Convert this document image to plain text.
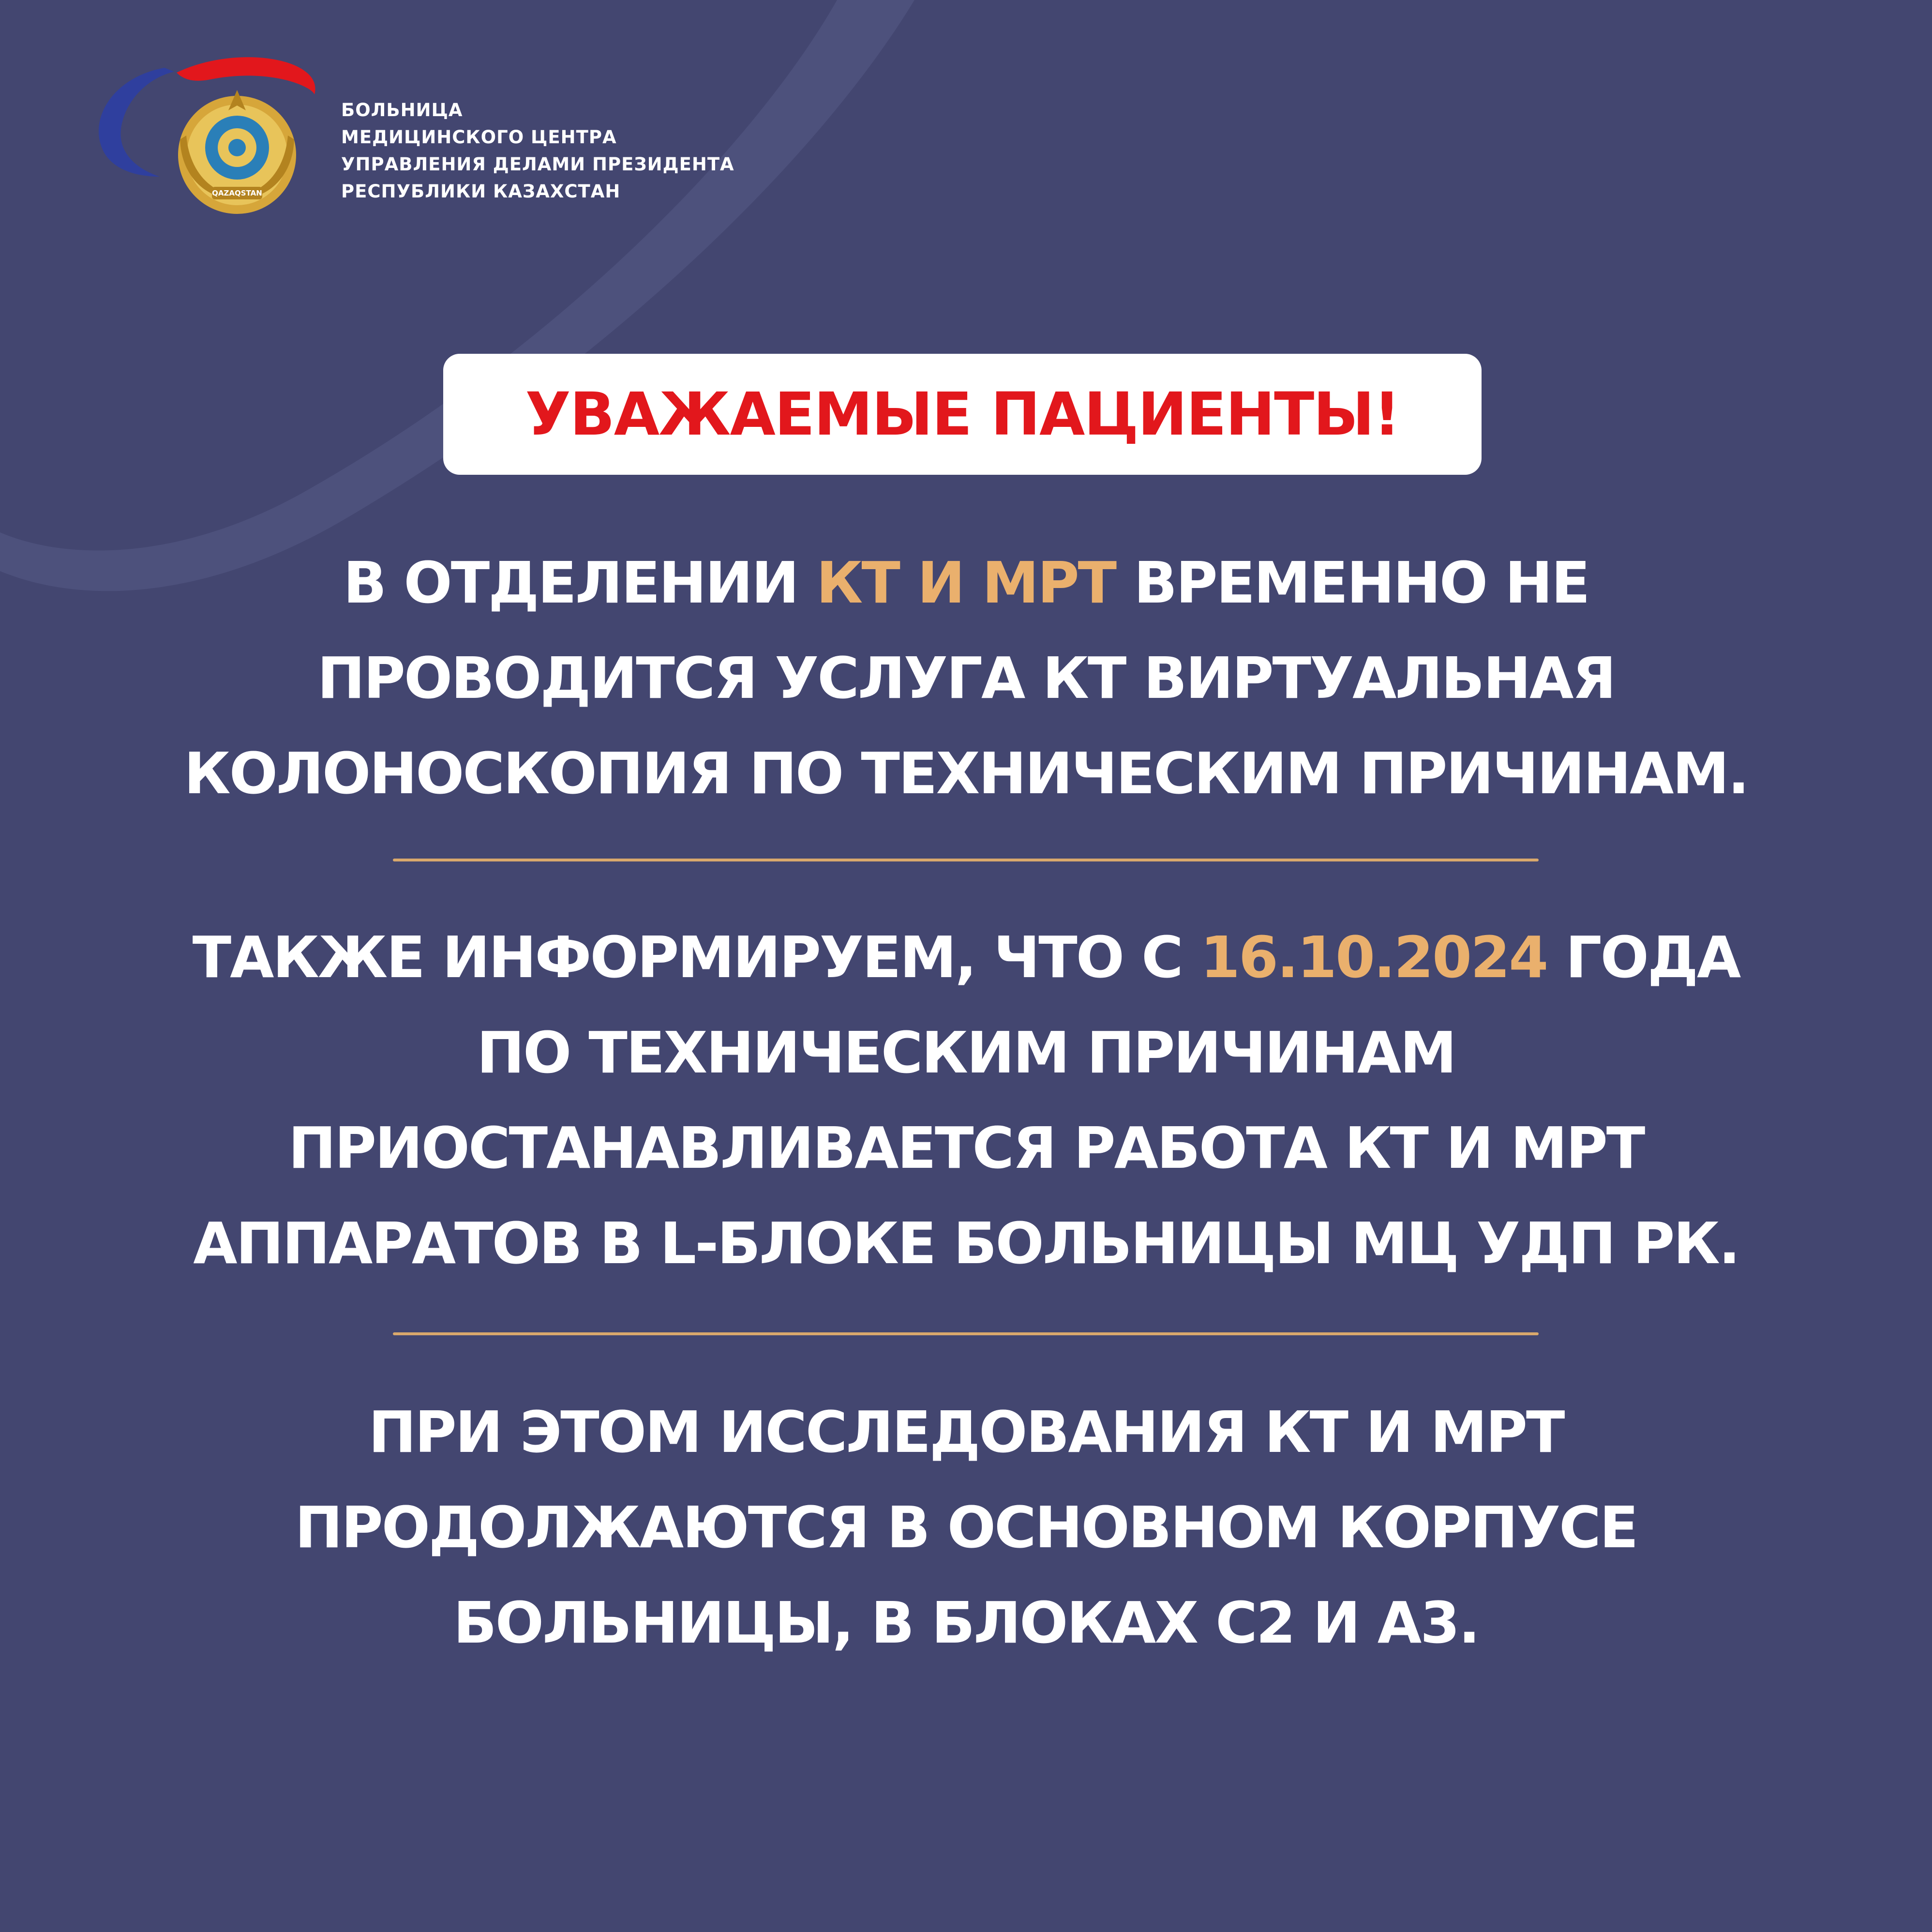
QAZAQSTAN
БОЛЬНИЦА
МЕДИЦИНСКОГО ЦЕНТРА
УПРАВЛЕНИЯ ДЕЛАМИ ПРЕЗИДЕНТА
РЕСПУБЛИКИ КАЗАХСТАН
УВАЖАЕМЫЕ ПАЦИЕНТЫ!
В ОТДЕЛЕНИИ КТ И МРТ ВРЕМЕННО НЕ
ПРОВОДИТСЯ УСЛУГА КТ ВИРТУАЛЬНАЯ
КОЛОНОСКОПИЯ ПО ТЕХНИЧЕСКИМ ПРИЧИНАМ.
ТАКЖЕ ИНФОРМИРУЕМ, ЧТО С 16.10.2024 ГОДА
ПО ТЕХНИЧЕСКИМ ПРИЧИНАМ
ПРИОСТАНАВЛИВАЕТСЯ РАБОТА КТ И МРТ
АППАРАТОВ В L-БЛОКЕ БОЛЬНИЦЫ МЦ УДП РК.
ПРИ ЭТОМ ИССЛЕДОВАНИЯ КТ И МРТ
ПРОДОЛЖАЮТСЯ В ОСНОВНОМ КОРПУСЕ
БОЛЬНИЦЫ, В БЛОКАХ С2 И А3.
